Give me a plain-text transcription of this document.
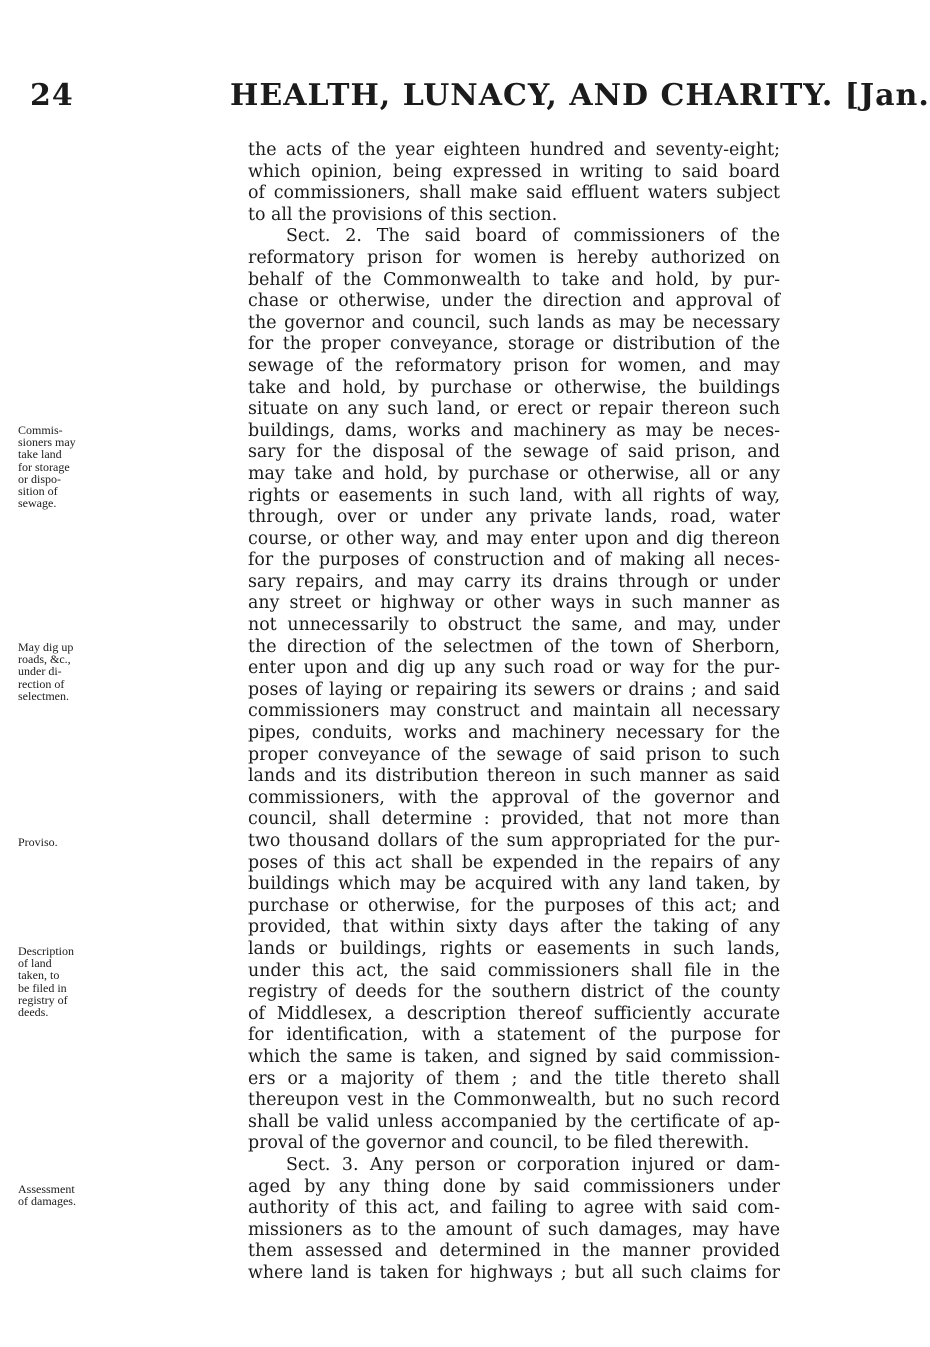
24	HEALTH, LUNACY, AND CHARITY. [Jan.
Commis-
sioners may
take land
for storage
or dispo-
sition of
sewage.
May dig up
roads, &c.,
under di-
rection of
selectmen.
Proviso.
Description
of land
taken, to
be filed in
registry of
deeds.
Assessment
of damages.
the acts of the year eighteen hundred and seventy-eight;
which opinion, being expressed in writing to said board
of commissioners, shall make said effluent waters subject
to all the provisions of this section.
Sect. 2. The said board of commissioners of the
reformatory prison for women is hereby authorized on
behalf of the Commonwealth to take and hold, by pur-
chase or otherwise, under the direction and approval of
the governor and council, such lands as may be necessary
for the proper conveyance, storage or distribution of the
sewage of the reformatory prison for women, and may
take and hold, by purchase or otherwise, the buildings
situate on any such land, or erect or repair thereon such
buildings, dams, works and machinery as may be neces-
sary for the disposal of the sewage of said prison, and
may take and hold, by purchase or otherwise, all or any
rights or easements in such land, with all rights of way,
through, over or under any private lands, road, water
course, or other way, and may enter upon and dig thereon
for the purposes of construction and of making all neces-
sary repairs, and may carry its drains through or under
any street or highway or other ways in such manner as
not unnecessarily to obstruct the same, and may, under
the direction of the selectmen of the town of Sherborn,
enter upon and dig up any such road or way for the pur-
poses of laying or repairing its sewers or drains ; and said
commissioners may construct and maintain all necessary
pipes, conduits, works and machinery necessary for the
proper conveyance of the sewage of said prison to such
lands and its distribution thereon in such manner as said
commissioners, with the approval of the governor and
council, shall determine : provided, that not more than
two thousand dollars of the sum appropriated for the pur-
poses of this act shall be expended in the repairs of any
buildings which may be acquired with any land taken, by
purchase or otherwise, for the purposes of this act; and
provided, that within sixty days after the taking of any
lands or buildings, rights or easements in such lands,
under this act, the said commissioners shall file in the
registry of deeds for the southern district of the county
of Middlesex, a description thereof sufficiently accurate
for identification, with a statement of the purpose for
which the same is taken, and signed by said commission-
ers or a majority of them ; and the title thereto shall
thereupon vest in the Commonwealth, but no such record
shall be valid unless accompanied by the certificate of ap-
proval of the governor and council, to be filed therewith.
Sect. 3. Any person or corporation injured or dam-
aged by any thing done by said commissioners under
authority of this act, and failing to agree with said com-
missioners as to the amount of such damages, may have
them assessed and determined in the manner provided
where land is taken for highways ; but all such claims for
